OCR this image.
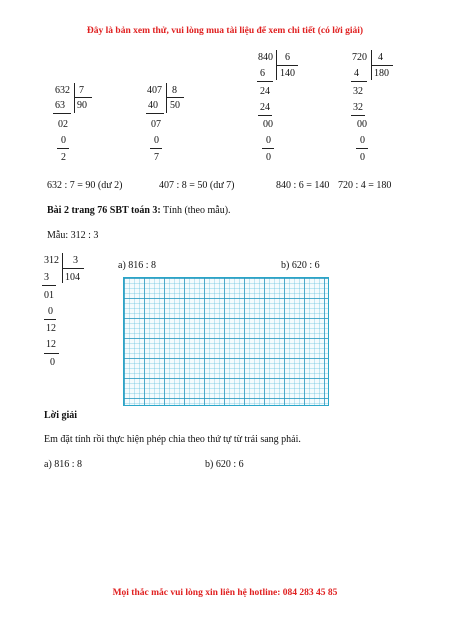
Đây là bản xem thử, vui lòng mua tài liệu để xem chi tiết (có lời giải)
632 7
63 90
02
0
2
407 8
40 50
07
0
7
840 6
6 140
24
24
00
0
0
720 4
4 180
32
32
00
0
0
632 : 7 = 90 (dư 2)	407 : 8 = 50 (dư 7)	840 : 6 = 140 720 : 4 = 180
Bài 2 trang 76 SBT toán 3: Tính (theo mẫu).
Mẫu: 312 : 3
312 3
3 104
01
0
12
12
0
a) 816 : 8	b) 620 : 6
Lời giải
Em đặt tính rồi thực hiện phép chia theo thứ tự từ trái sang phải.
a) 816 : 8	b) 620 : 6
Mọi thắc mắc vui lòng xin liên hệ hotline: 084 283 45 85
